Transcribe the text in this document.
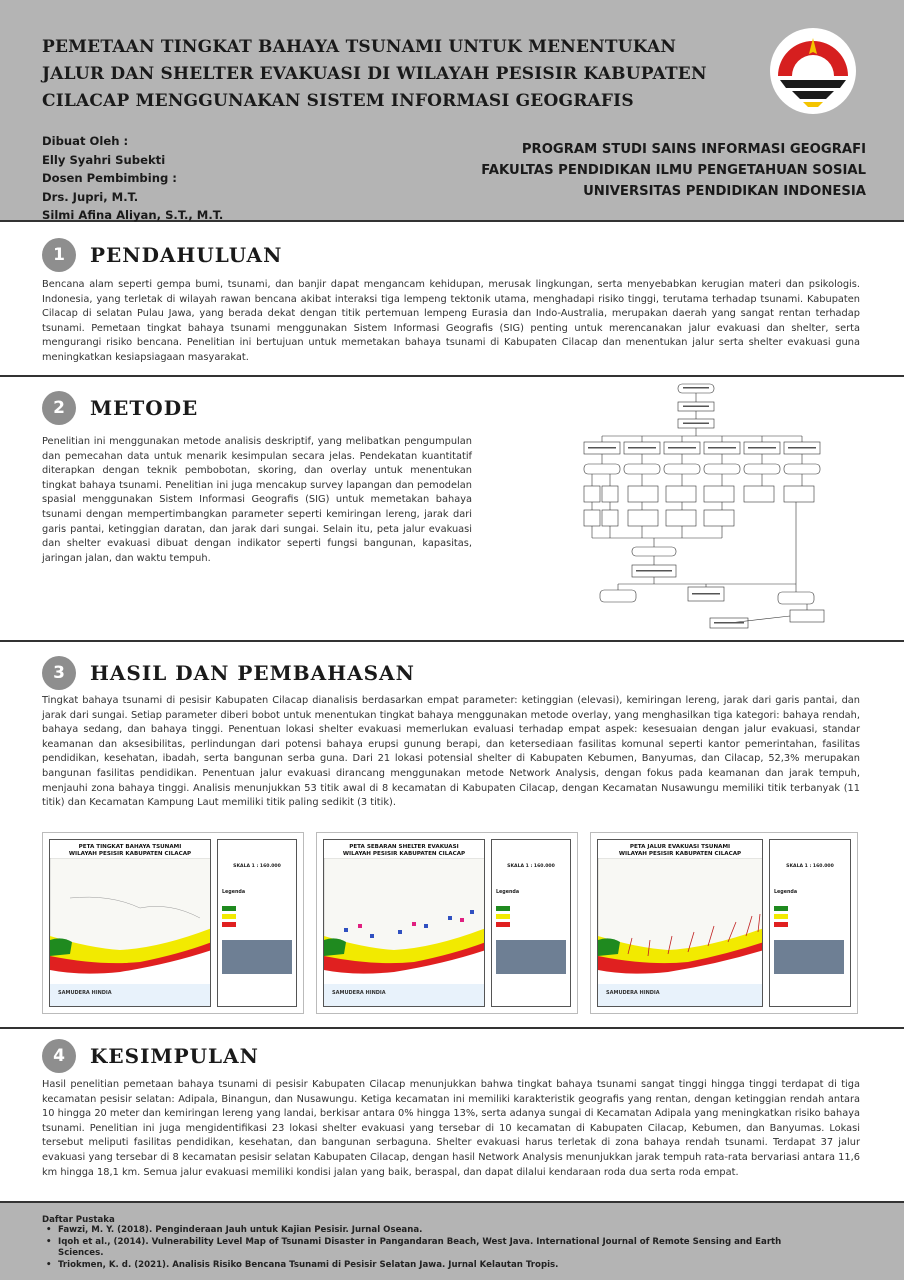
PEMETAAN TINGKAT BAHAYA TSUNAMI UNTUK MENENTUKAN
JALUR DAN SHELTER EVAKUASI DI WILAYAH PESISIR KABUPATEN
CILACAP MENGGUNAKAN SISTEM INFORMASI GEOGRAFIS
Dibuat Oleh :
Elly Syahri Subekti
Dosen Pembimbing :
Drs. Jupri, M.T.
Silmi Afina Aliyan, S.T., M.T.
PROGRAM STUDI SAINS INFORMASI GEOGRAFI
FAKULTAS PENDIDIKAN ILMU PENGETAHUAN SOSIAL
UNIVERSITAS PENDIDIKAN INDONESIA
1	PENDAHULUAN
Bencana alam seperti gempa bumi, tsunami, dan banjir dapat mengancam kehidupan, merusak lingkungan, serta menyebabkan kerugian materi dan psikologis. Indonesia, yang terletak di wilayah rawan bencana akibat interaksi tiga lempeng tektonik utama, menghadapi risiko tinggi, terutama terhadap tsunami. Kabupaten Cilacap di selatan Pulau Jawa, yang berada dekat dengan titik pertemuan lempeng Eurasia dan Indo-Australia, merupakan daerah yang sangat rentan terhadap tsunami. Pemetaan tingkat bahaya tsunami menggunakan Sistem Informasi Geografis (SIG) penting untuk merencanakan jalur evakuasi dan shelter, serta mengurangi risiko bencana. Penelitian ini bertujuan untuk memetakan bahaya tsunami di Kabupaten Cilacap dan menentukan jalur serta shelter evakuasi guna meningkatkan kesiapsiagaan masyarakat.
2	METODE
Penelitian ini menggunakan metode analisis deskriptif, yang melibatkan pengumpulan dan pemecahan data untuk menarik kesimpulan secara jelas. Pendekatan kuantitatif diterapkan dengan teknik pembobotan, skoring, dan overlay untuk menentukan tingkat bahaya tsunami. Penelitian ini juga mencakup survey lapangan dan pemodelan spasial menggunakan Sistem Informasi Geografis (SIG) untuk memetakan bahaya tsunami dengan mempertimbangkan parameter seperti kemiringan lereng, jarak dari garis pantai, ketinggian daratan, dan jarak dari sungai. Selain itu, peta jalur evakuasi dan shelter evakuasi dibuat dengan indikator seperti fungsi bangunan, kapasitas, jaringan jalan, dan waktu tempuh.
3	HASIL DAN PEMBAHASAN
Tingkat bahaya tsunami di pesisir Kabupaten Cilacap dianalisis berdasarkan empat parameter: ketinggian (elevasi), kemiringan lereng, jarak dari garis pantai, dan jarak dari sungai. Setiap parameter diberi bobot untuk menentukan tingkat bahaya menggunakan metode overlay, yang menghasilkan tiga kategori: bahaya rendah, bahaya sedang, dan bahaya tinggi. Penentuan lokasi shelter evakuasi memerlukan evaluasi terhadap empat aspek: kesesuaian dengan jalur evakuasi, standar keamanan dan aksesibilitas, perlindungan dari potensi bahaya erupsi gunung berapi, dan ketersediaan fasilitas komunal seperti kantor pemerintahan, fasilitas pendidikan, kesehatan, ibadah, serta bangunan serba guna. Dari 21 lokasi potensial shelter di Kabupaten Kebumen, Banyumas, dan Cilacap, 52,3% merupakan bangunan fasilitas pendidikan. Penentuan jalur evakuasi dirancang menggunakan metode Network Analysis, dengan fokus pada keamanan dan jarak tempuh, menjauhi zona bahaya tinggi. Analisis menunjukkan 53 titik awal di 8 kecamatan di Kabupaten Cilacap, dengan Kecamatan Nusawungu memiliki titik terbanyak (11 titik) dan Kecamatan Kampung Laut memiliki titik paling sedikit (3 titik).
PETA TINGKAT BAHAYA TSUNAMI
WILAYAH PESISIR KABUPATEN CILACAP
SAMUDERA HINDIA
SKALA 1 : 160.000
Legenda
PETA SEBARAN SHELTER EVAKUASI
WILAYAH PESISIR KABUPATEN CILACAP
SAMUDERA HINDIA
SKALA 1 : 160.000
Legenda
PETA JALUR EVAKUASI TSUNAMI
WILAYAH PESISIR KABUPATEN CILACAP
SAMUDERA HINDIA
SKALA 1 : 160.000
Legenda
4	KESIMPULAN
Hasil penelitian pemetaan bahaya tsunami di pesisir Kabupaten Cilacap menunjukkan bahwa tingkat bahaya tsunami sangat tinggi hingga tinggi terdapat di tiga kecamatan pesisir selatan: Adipala, Binangun, dan Nusawungu. Ketiga kecamatan ini memiliki karakteristik geografis yang rentan, dengan ketinggian rendah antara 10 hingga 20 meter dan kemiringan lereng yang landai, berkisar antara 0% hingga 13%, serta adanya sungai di Kecamatan Adipala yang meningkatkan risiko bahaya tsunami. Penelitian ini juga mengidentifikasi 23 lokasi shelter evakuasi yang tersebar di 10 kecamatan di Kabupaten Cilacap, Kebumen, dan Banyumas. Lokasi tersebut meliputi fasilitas pendidikan, kesehatan, dan bangunan serbaguna. Shelter evakuasi harus terletak di zona bahaya rendah tsunami. Terdapat 37 jalur evakuasi yang tersebar di 8 kecamatan pesisir selatan Kabupaten Cilacap, dengan hasil Network Analysis menunjukkan jarak tempuh rata-rata bervariasi antara 11,6 km hingga 18,1 km. Semua jalur evakuasi memiliki kondisi jalan yang baik, beraspal, dan dapat dilalui kendaraan roda dua serta roda empat.
Daftar Pustaka
• Fawzi, M. Y. (2018). Penginderaan Jauh untuk Kajian Pesisir. Jurnal Oseana.
• Iqoh et al., (2014). Vulnerability Level Map of Tsunami Disaster in Pangandaran Beach, West Java. International Journal of Remote Sensing and Earth Sciences.
• Triokmen, K. d. (2021). Analisis Risiko Bencana Tsunami di Pesisir Selatan Jawa. Jurnal Kelautan Tropis.
